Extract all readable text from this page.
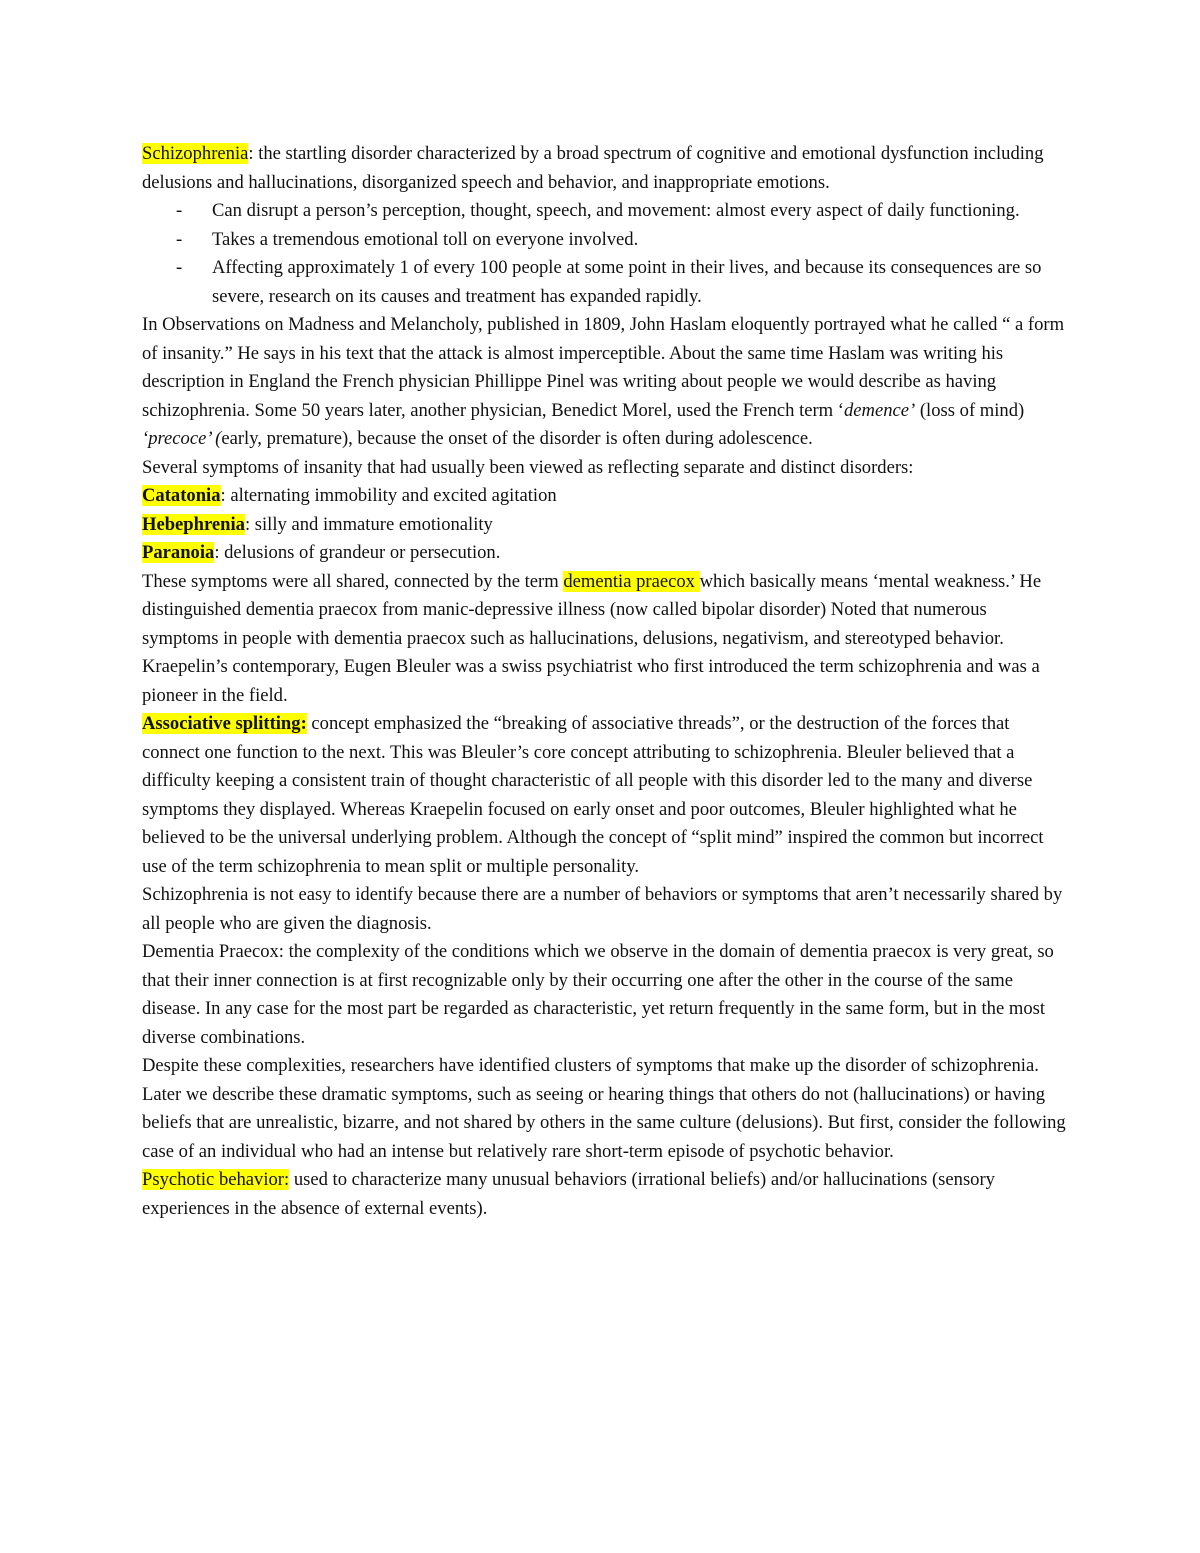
Schizophrenia: the startling disorder characterized by a broad spectrum of cognitive and emotional dysfunction including delusions and hallucinations, disorganized speech and behavior, and inappropriate emotions.

- Can disrupt a person’s perception, thought, speech, and movement: almost every aspect of daily functioning.
- Takes a tremendous emotional toll on everyone involved.
- Affecting approximately 1 of every 100 people at some point in their lives, and because its consequences are so severe, research on its causes and treatment has expanded rapidly.

In Observations on Madness and Melancholy, published in 1809, John Haslam eloquently portrayed what he called “ a form of insanity.” He says in his text that the attack is almost imperceptible. About the same time Haslam was writing his description in England the French physician Phillippe Pinel was writing about people we would describe as having schizophrenia. Some 50 years later, another physician, Benedict Morel, used the French term ‘demence’ (loss of mind) ‘precoce’ (early, premature), because the onset of the disorder is often during adolescence.

Several symptoms of insanity that had usually been viewed as reflecting separate and distinct disorders:

Catatonia: alternating immobility and excited agitation

Hebephrenia: silly and immature emotionality

Paranoia: delusions of grandeur or persecution.

These symptoms were all shared, connected by the term dementia praecox which basically means ‘mental weakness.’ He distinguished dementia praecox from manic-depressive illness (now called bipolar disorder) Noted that numerous symptoms in people with dementia praecox such as hallucinations, delusions, negativism, and stereotyped behavior.

Kraepelin’s contemporary, Eugen Bleuler was a swiss psychiatrist who first introduced the term schizophrenia and was a pioneer in the field.

Associative splitting: concept emphasized the “breaking of associative threads”, or the destruction of the forces that connect one function to the next. This was Bleuler’s core concept attributing to schizophrenia. Bleuler believed that a difficulty keeping a consistent train of thought characteristic of all people with this disorder led to the many and diverse symptoms they displayed. Whereas Kraepelin focused on early onset and poor outcomes, Bleuler highlighted what he believed to be the universal underlying problem. Although the concept of “split mind” inspired the common but incorrect use of the term schizophrenia to mean split or multiple personality.

Schizophrenia is not easy to identify because there are a number of behaviors or symptoms that aren’t necessarily shared by all people who are given the diagnosis.

Dementia Praecox: the complexity of the conditions which we observe in the domain of dementia praecox is very great, so that their inner connection is at first recognizable only by their occurring one after the other in the course of the same disease. In any case for the most part be regarded as characteristic, yet return frequently in the same form, but in the most diverse combinations.

Despite these complexities, researchers have identified clusters of symptoms that make up the disorder of schizophrenia. Later we describe these dramatic symptoms, such as seeing or hearing things that others do not (hallucinations) or having beliefs that are unrealistic, bizarre, and not shared by others in the same culture (delusions). But first, consider the following case of an individual who had an intense but relatively rare short-term episode of psychotic behavior.

Psychotic behavior: used to characterize many unusual behaviors (irrational beliefs) and/or hallucinations (sensory experiences in the absence of external events).
